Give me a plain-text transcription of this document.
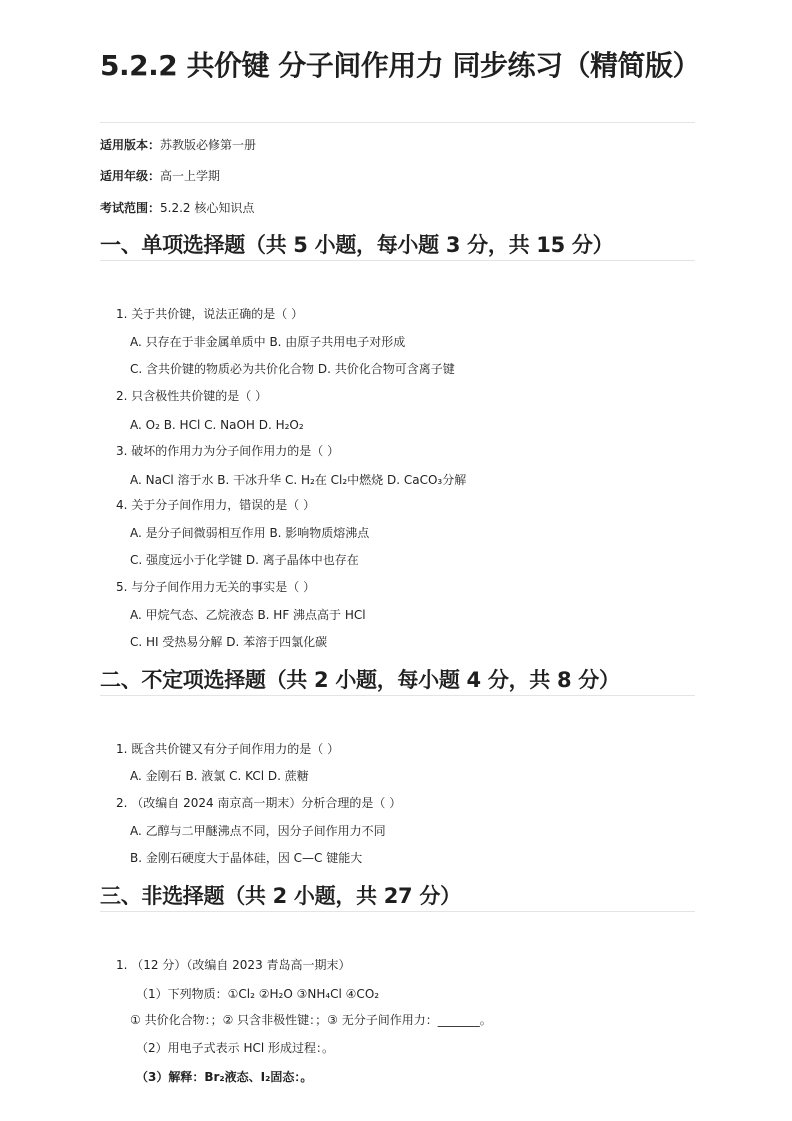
5.2.2 共价键 分子间作用力 同步练习（精简版）
适用版本：苏教版必修第一册
适用年级：高一上学期
考试范围：5.2.2 核心知识点
一、单项选择题（共 5 小题，每小题 3 分，共 15 分）
1. 关于共价键，说法正确的是（ ）
A. 只存在于非金属单质中 B. 由原子共用电子对形成
C. 含共价键的物质必为共价化合物 D. 共价化合物可含离子键
2. 只含极性共价键的是（ ）
A. O₂ B. HCl C. NaOH D. H₂O₂
3. 破坏的作用力为分子间作用力的是（ ）
A. NaCl 溶于水 B. 干冰升华 C. H₂在 Cl₂中燃烧 D. CaCO₃分解
4. 关于分子间作用力，错误的是（ ）
A. 是分子间微弱相互作用 B. 影响物质熔沸点
C. 强度远小于化学键 D. 离子晶体中也存在
5. 与分子间作用力无关的事实是（ ）
A. 甲烷气态、乙烷液态 B. HF 沸点高于 HCl
C. HI 受热易分解 D. 苯溶于四氯化碳
二、不定项选择题（共 2 小题，每小题 4 分，共 8 分）
1. 既含共价键又有分子间作用力的是（ ）
A. 金刚石 B. 液氯 C. KCl D. 蔗糖
2. （改编自 2024 南京高一期末）分析合理的是（ ）
A. 乙醇与二甲醚沸点不同，因分子间作用力不同
B. 金刚石硬度大于晶体硅，因 C—C 键能大
三、非选择题（共 2 小题，共 27 分）
1. （12 分）（改编自 2023 青岛高一期末）
（1）下列物质：①Cl₂ ②H₂O ③NH₄Cl ④CO₂
① 共价化合物：；② 只含非极性键：；③ 无分子间作用力：_______。
（2）用电子式表示 HCl 形成过程：。
（3）解释：Br₂液态、I₂固态：。
